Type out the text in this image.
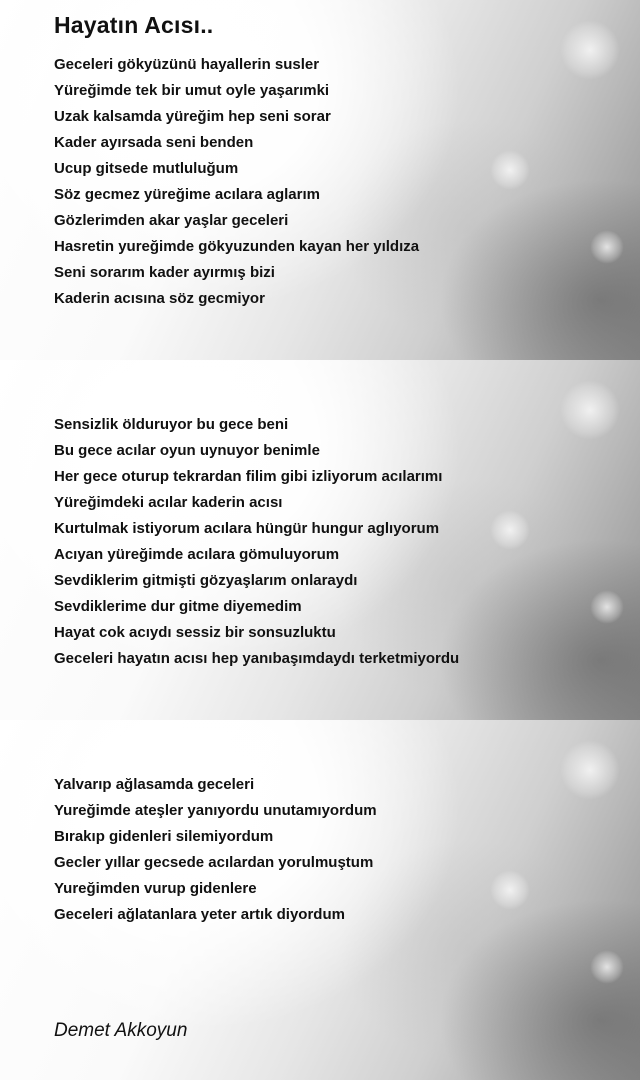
Hayatın Acısı..
Geceleri gökyüzünü hayallerin susler
Yüreğimde tek bir umut oyle yaşarımki
Uzak kalsamda yüreğim hep seni sorar
Kader ayırsada seni benden
Ucup gitsede mutluluğum
Söz gecmez yüreğime acılara aglarım
Gözlerimden akar yaşlar geceleri
Hasretin yureğimde gökyuzunden kayan her yıldıza
Seni sorarım kader ayırmış bizi
Kaderin acısına söz gecmiyor
Sensizlik ölduruyor bu gece beni
Bu gece acılar oyun uynuyor benimle
Her gece oturup tekrardan filim gibi izliyorum acılarımı
Yüreğimdeki acılar kaderin acısı
Kurtulmak istiyorum acılara hüngür hungur aglıyorum
Acıyan yüreğimde acılara gömuluyorum
Sevdiklerim gitmişti gözyaşlarım onlaraydı
Sevdiklerime dur gitme diyemedim
Hayat cok acıydı sessiz bir sonsuzluktu
Geceleri hayatın acısı hep yanıbaşımdaydı terketmiyordu
Yalvarıp ağlasamda geceleri
Yureğimde ateşler yanıyordu unutamıyordum
Bırakıp gidenleri silemiyordum
Gecler yıllar gecsede acılardan yorulmuştum
Yureğimden vurup gidenlere
Geceleri ağlatanlara yeter artık diyordum
Demet Akkoyun
